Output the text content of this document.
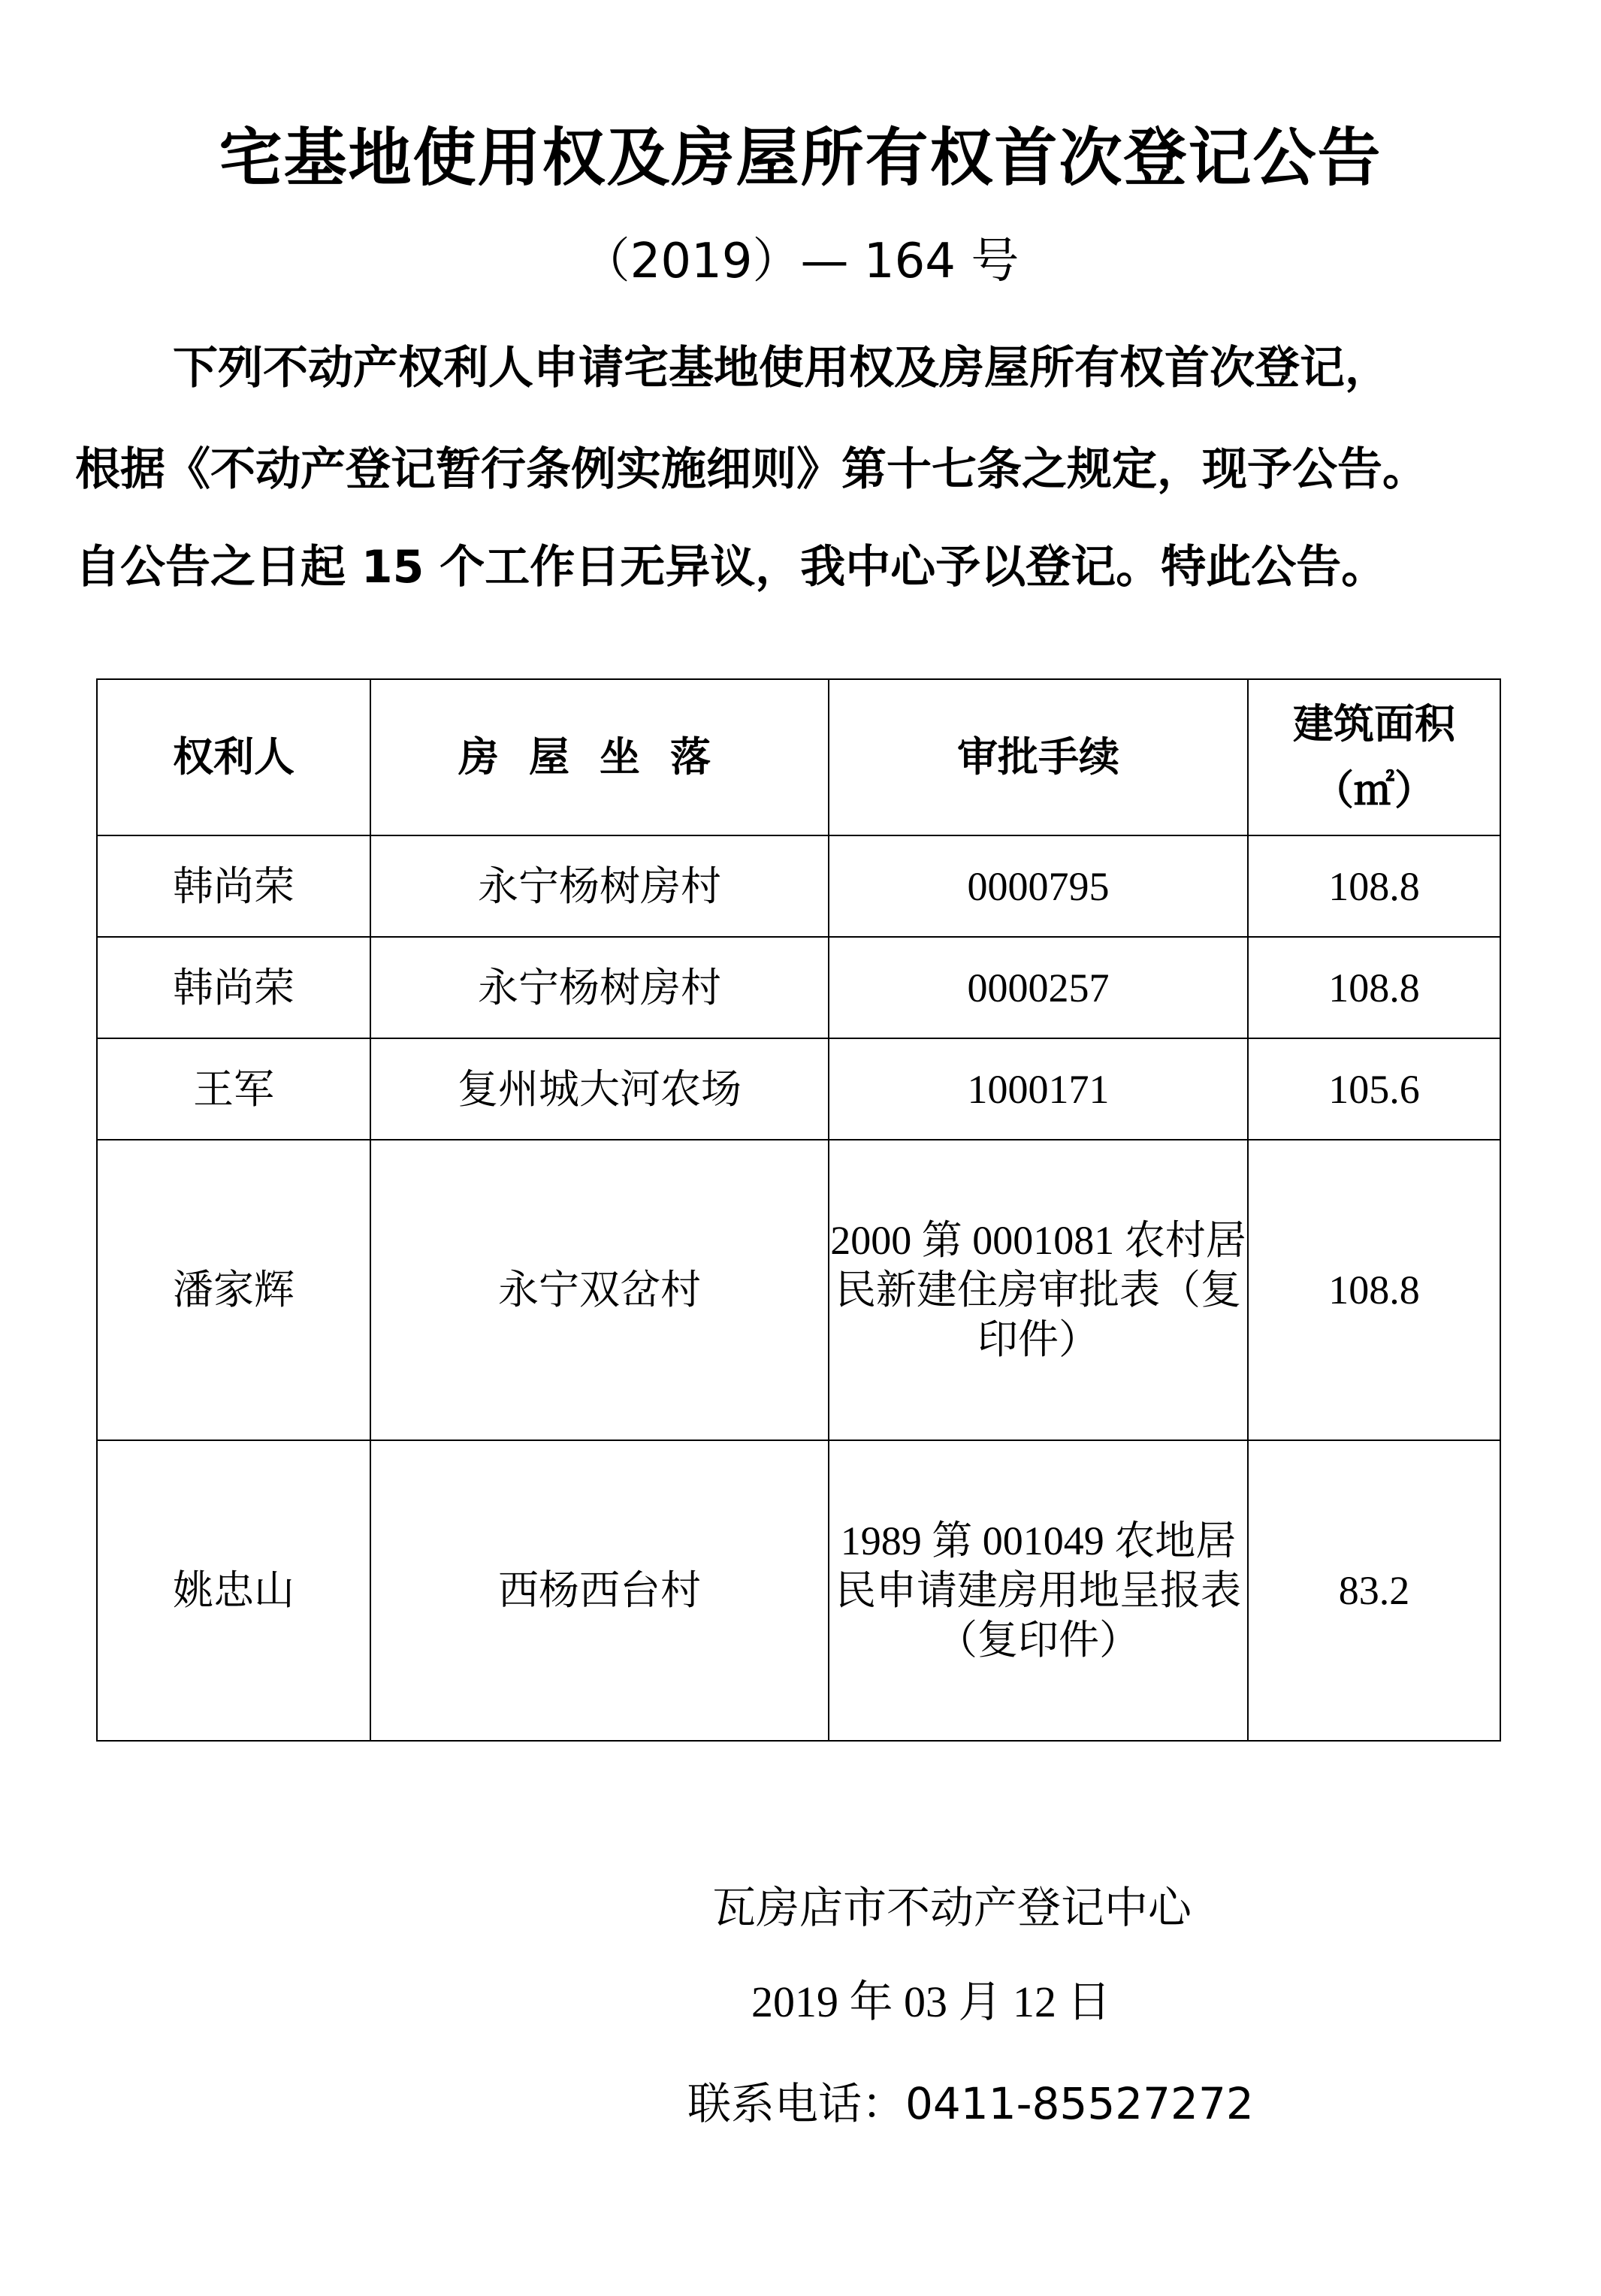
宅基地使用权及房屋所有权首次登记公告
（2019）— 164 号
下列不动产权利人申请宅基地使用权及房屋所有权首次登记，
根据《不动产登记暂行条例实施细则》第十七条之规定，现予公告。
自公告之日起 15 个工作日无异议，我中心予以登记。特此公告。
权利人	房屋坐落	审批手续	建筑面积
（㎡）

韩尚荣	永宁杨树房村	0000795	108.8
韩尚荣	永宁杨树房村	0000257	108.8
王军	复州城大河农场	1000171	105.6
潘家辉	永宁双岔村	2000 第 0001081 农村居民新建住房审批表（复印件）	108.8
姚忠山	西杨西台村	1989 第 001049 农地居民申请建房用地呈报表（复印件）	83.2
瓦房店市不动产登记中心
2019 年 03 月 12 日
联系电话：0411-85527272
